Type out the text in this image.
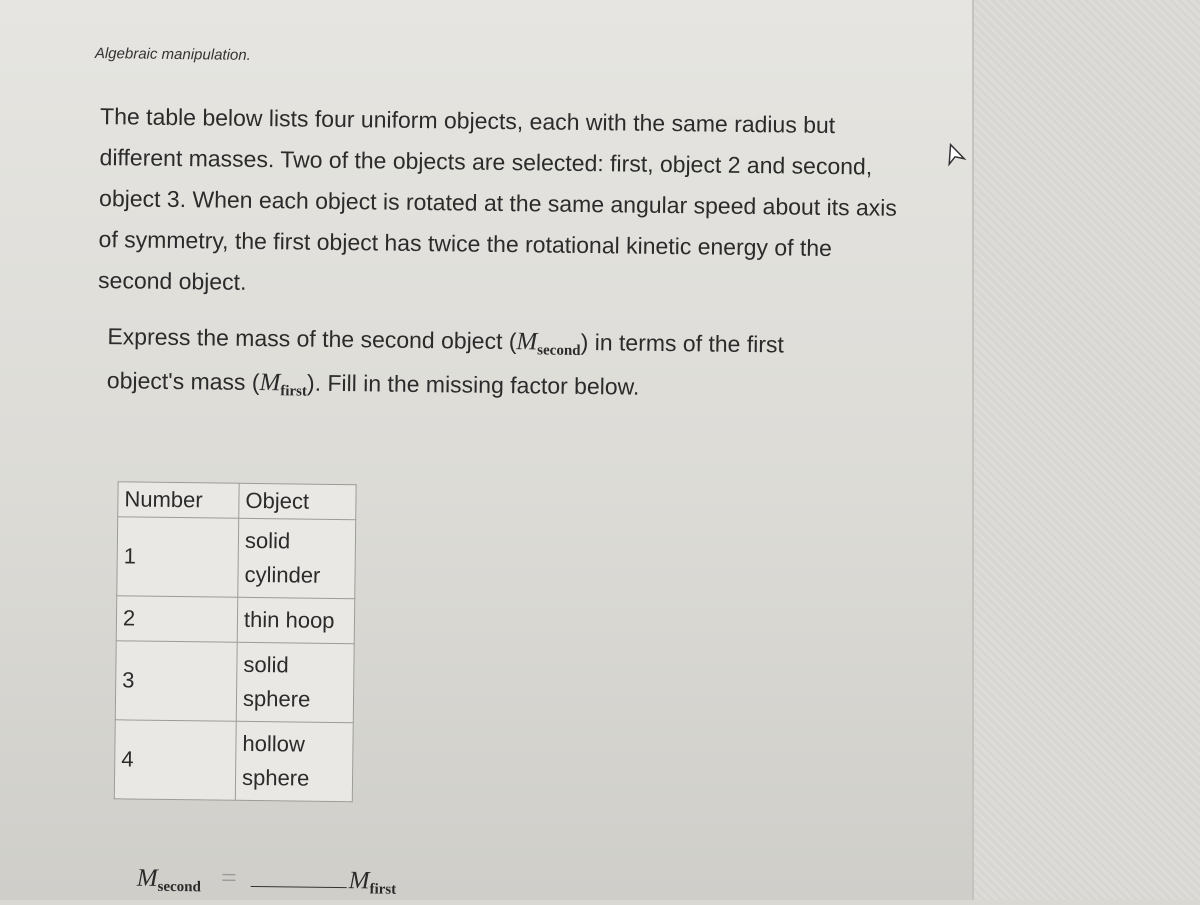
Algebraic manipulation.

The table below lists four uniform objects, each with the same radius but different masses. Two of the objects are selected: first, object 2 and second, object 3. When each object is rotated at the same angular speed about its axis of symmetry, the first object has twice the rotational kinetic energy of the second object.

Express the mass of the second object $(M_{second})$ in terms of the first object's mass $(M_{first})$. Fill in the missing factor below.

Number	Object
1	solid
cylinder
2	thin hoop
3	solid
sphere
4	hollow
sphere
$M_{second}$ =	$M_{first}$
